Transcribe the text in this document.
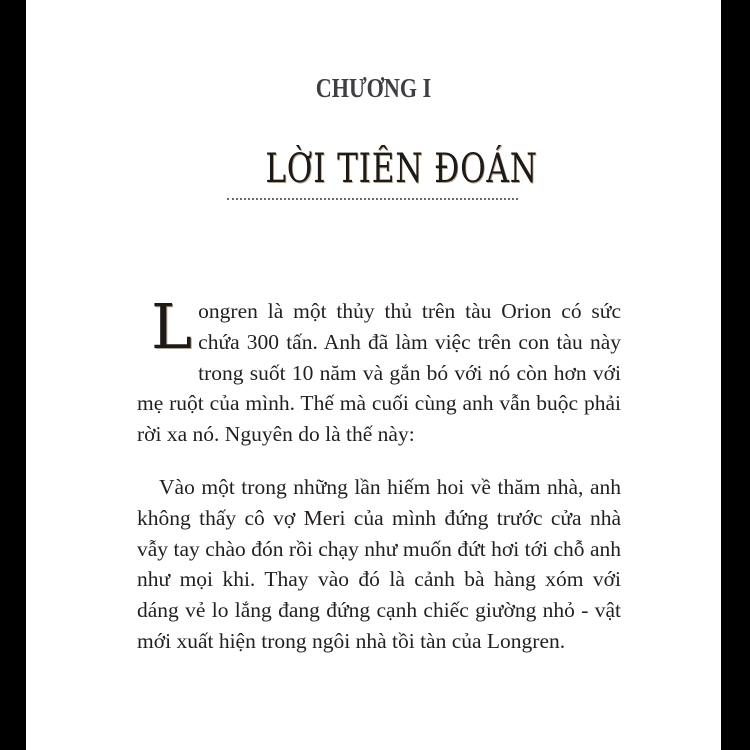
CHƯƠNG I
LỜI TIÊN ĐOÁN

Longren là một thủy thủ trên tàu Orion có sức chứa 300 tấn. Anh đã làm việc trên con tàu này trong suốt 10 năm và gắn bó với nó còn hơn với mẹ ruột của mình. Thế mà cuối cùng anh vẫn buộc phải rời xa nó. Nguyên do là thế này:

Vào một trong những lần hiếm hoi về thăm nhà, anh không thấy cô vợ Meri của mình đứng trước cửa nhà vẫy tay chào đón rồi chạy như muốn đứt hơi tới chỗ anh như mọi khi. Thay vào đó là cảnh bà hàng xóm với dáng vẻ lo lắng đang đứng cạnh chiếc giường nhỏ - vật mới xuất hiện trong ngôi nhà tồi tàn của Longren.
